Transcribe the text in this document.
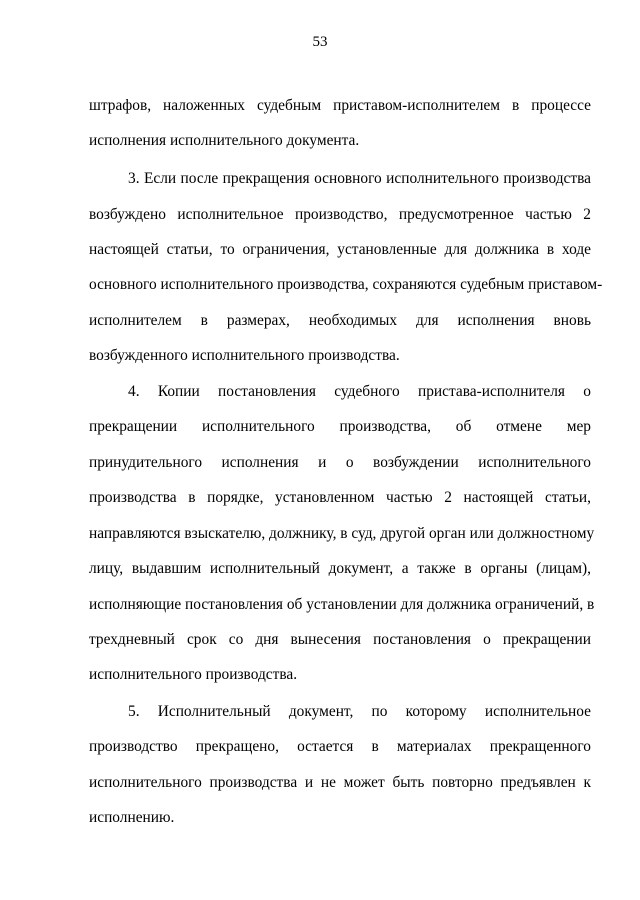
53
штрафов, наложенных судебным приставом-исполнителем в процессе
исполнения исполнительного документа.
3. Если после прекращения основного исполнительного производства
возбуждено исполнительное производство, предусмотренное частью 2
настоящей статьи, то ограничения, установленные для должника в ходе
основного исполнительного производства, сохраняются судебным приставом-
исполнителем в размерах, необходимых для исполнения вновь
возбужденного исполнительного производства.
4. Копии постановления судебного пристава-исполнителя о
прекращении исполнительного производства, об отмене мер
принудительного исполнения и о возбуждении исполнительного
производства в порядке, установленном частью 2 настоящей статьи,
направляются взыскателю, должнику, в суд, другой орган или должностному
лицу, выдавшим исполнительный документ, а также в органы (лицам),
исполняющие постановления об установлении для должника ограничений, в
трехдневный срок со дня вынесения постановления о прекращении
исполнительного производства.
5. Исполнительный документ, по которому исполнительное
производство прекращено, остается в материалах прекращенного
исполнительного производства и не может быть повторно предъявлен к
исполнению.
